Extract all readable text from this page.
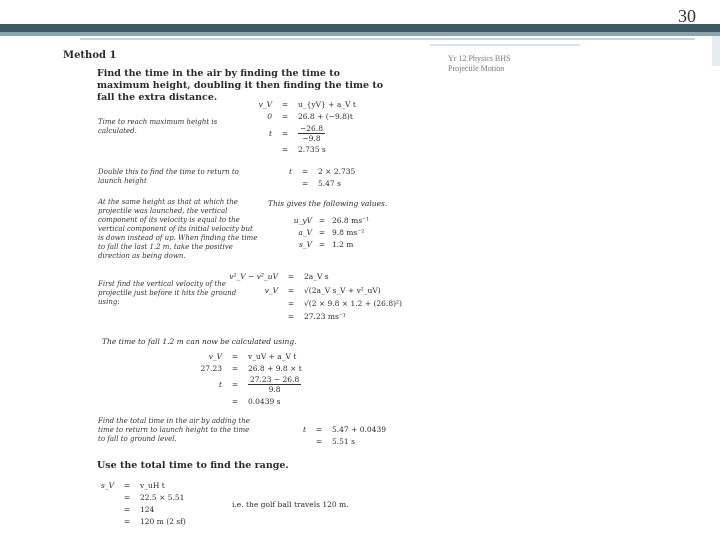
30
Yr 12 Physics BHS
Projectile Motion
Method 1
Find the time in the air by finding the time to maximum height, doubling it then finding the time to fall the extra distance.
Time to reach maximum height is calculated.
v_V	=	u_{yV} + a_V t
0	=	26.8 + (−9.8)t
t	=	$\frac{-26.8}{-9.8}$
=	2.735 s
Double this to find the time to return to launch height
t	=	2 × 2.735
=	5.47 s
At the same height as that at which the projectile was launched, the vertical component of its velocity is equal to the vertical component of its initial velocity but is down instead of up. When finding the time to fall the last 1.2 m, take the positive direction as being down.
This gives the following values.
u_yV = 26.8 ms⁻¹
a_V = 9.8 ms⁻²
s_V = 1.2 m
First find the vertical velocity of the projectile just before it hits the ground using:
v²_V − v²_uV	=	2a_V s
v_V	=	√(2a_V s_V + v²_uV)
=	√(2 × 9.8 × 1.2 + (26.8)²)
=	27.23 ms⁻¹
The time to fall 1.2 m can now be calculated using.
v_V	=	v_uV + a_V t
27.23	=	26.8 + 9.8 × t
t	=	$\frac{27.23 - 26.8}{9.8}$
=	0.0439 s
Find the total time in the air by adding the time to return to launch height to the time to fall to ground level.
t	=	5.47 + 0.0439
=	5.51 s
Use the total time to find the range.
s_V	=	v_uH t
=	22.5 × 5.51
=	124
=	120 m (2 sf)
i.e. the golf ball travels 120 m.
